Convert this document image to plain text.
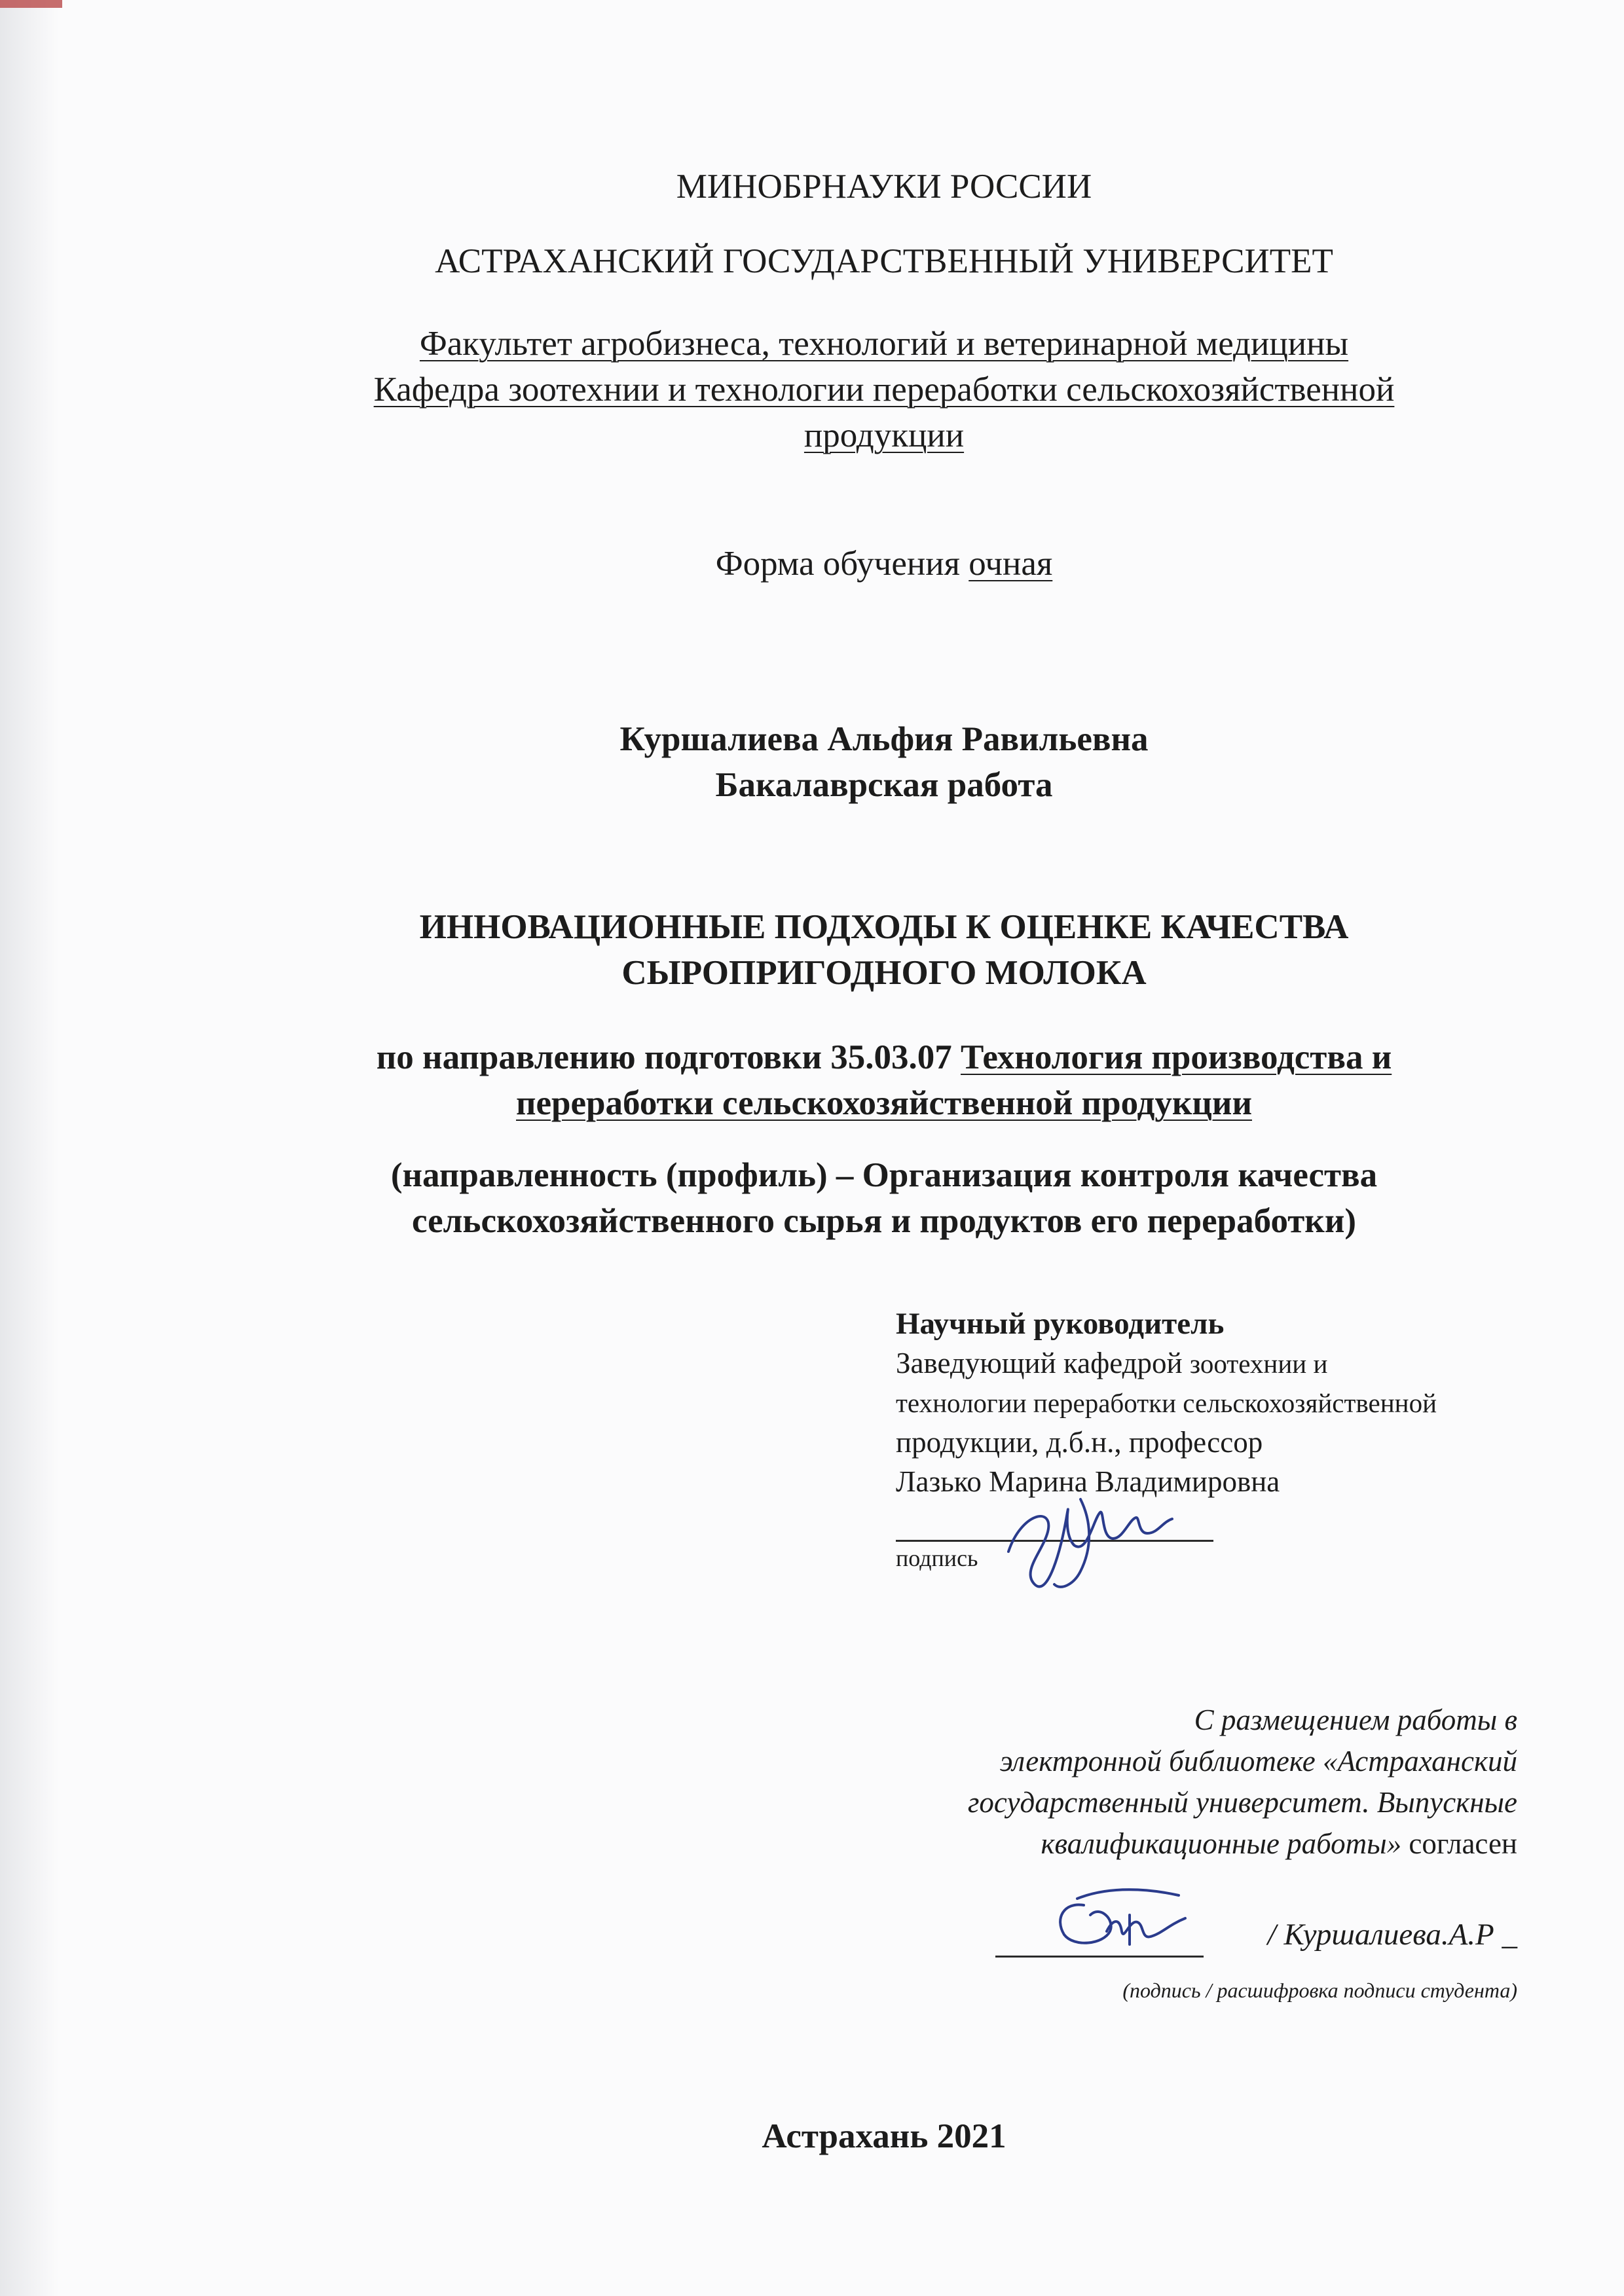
МИНОБРНАУКИ РОССИИ
АСТРАХАНСКИЙ ГОСУДАРСТВЕННЫЙ УНИВЕРСИТЕТ
Факультет агробизнеса, технологий и ветеринарной медицины
Кафедра зоотехнии и технологии переработки сельскохозяйственной
продукции
Форма обучения очная
Куршалиева Альфия Равильевна
Бакалаврская работа
ИННОВАЦИОННЫЕ ПОДХОДЫ К ОЦЕНКЕ КАЧЕСТВА
СЫРОПРИГОДНОГО МОЛОКА
по направлению подготовки 35.03.07 Технология производства и
переработки сельскохозяйственной продукции
(направленность (профиль) – Организация контроля качества
сельскохозяйственного сырья и продуктов его переработки)
Научный руководитель
Заведующий кафедрой зоотехнии и
технологии переработки сельскохозяйственной
продукции, д.б.н., профессор
Лазько Марина Владимировна
подпись
С размещением работы в
электронной библиотеке «Астраханский
государственный университет. Выпускные
квалификационные работы» согласен
/ Куршалиева.А.Р _
(подпись / расшифровка подписи студента)
Астрахань 2021
